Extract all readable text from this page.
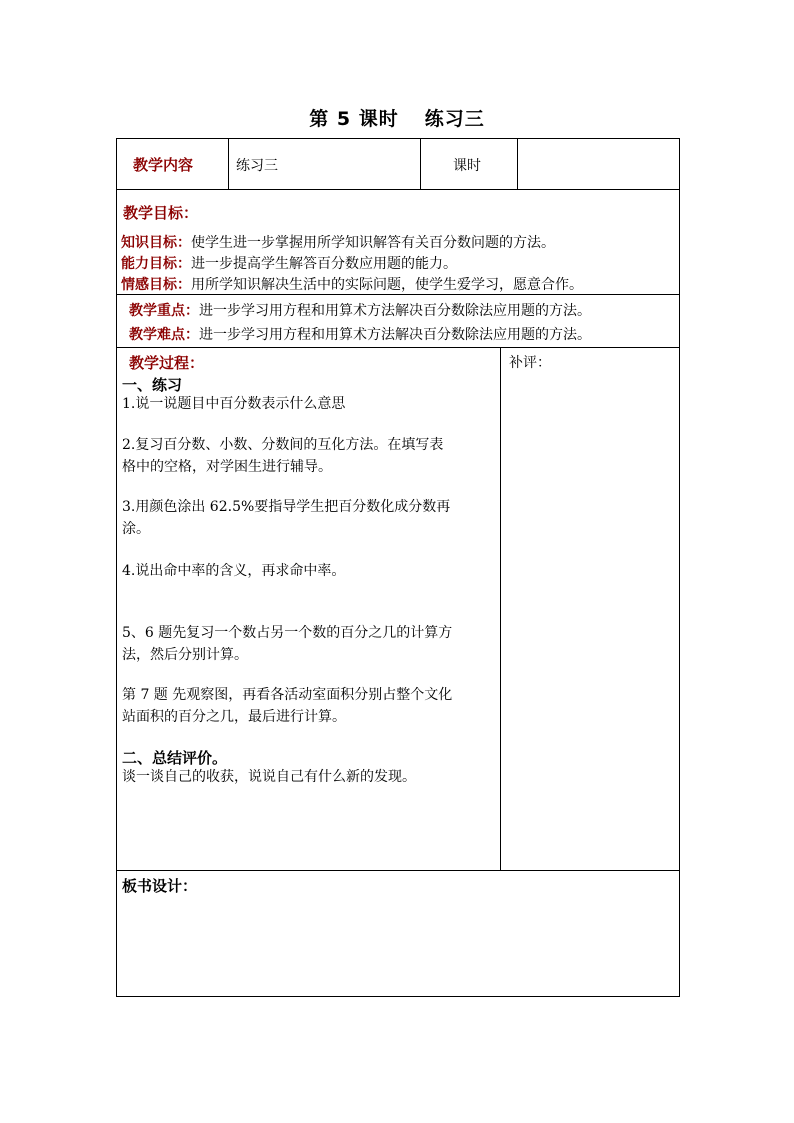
第 5 课时 练习三
教学内容	练习三	课时
教学目标：
知识目标：使学生进一步掌握用所学知识解答有关百分数问题的方法。
能力目标：进一步提高学生解答百分数应用题的能力。
情感目标：用所学知识解决生活中的实际问题，使学生爱学习，愿意合作。
教学重点：进一步学习用方程和用算术方法解决百分数除法应用题的方法。
教学难点：进一步学习用方程和用算术方法解决百分数除法应用题的方法。
教学过程：
一、练习
1.说一说题目中百分数表示什么意思
2.复习百分数、小数、分数间的互化方法。在填写表
格中的空格，对学困生进行辅导。
3.用颜色涂出 62.5%要指导学生把百分数化成分数再
涂。
4.说出命中率的含义，再求命中率。
5、6 题先复习一个数占另一个数的百分之几的计算方
法，然后分别计算。
第 7 题 先观察图，再看各活动室面积分别占整个文化
站面积的百分之几，最后进行计算。
二、总结评价。
谈一谈自己的收获，说说自己有什么新的发现。
补评：
板书设计：
